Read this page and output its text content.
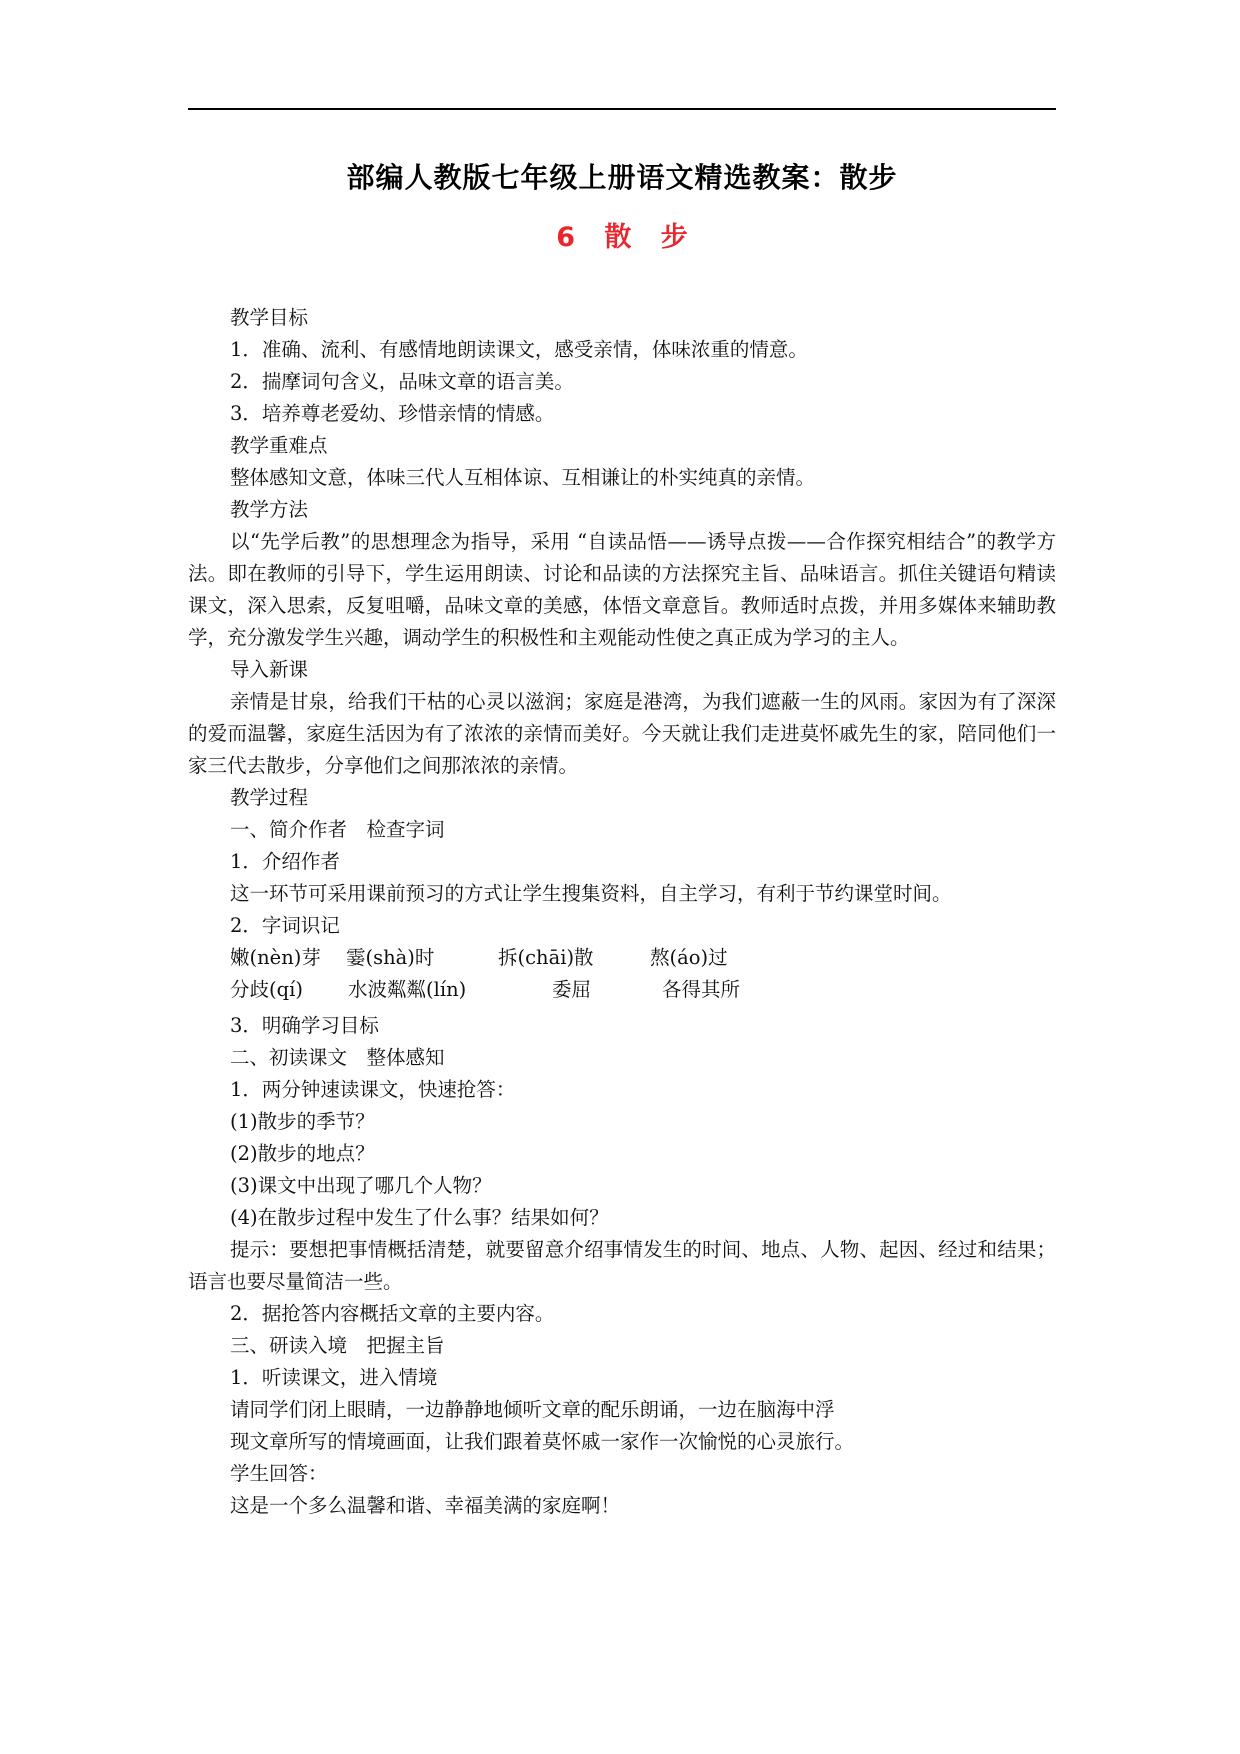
部编人教版七年级上册语文精选教案：散步
6 散 步

教学目标

1．准确、流利、有感情地朗读课文，感受亲情，体味浓重的情意。

2．揣摩词句含义，品味文章的语言美。

3．培养尊老爱幼、珍惜亲情的情感。

教学重难点

整体感知文意，体味三代人互相体谅、互相谦让的朴实纯真的亲情。

教学方法

以“先学后教”的思想理念为指导，采用 “自读品悟——诱导点拨——合作探究相结合”的教学方法。即在教师的引导下，学生运用朗读、讨论和品读的方法探究主旨、品味语言。抓住关键语句精读课文，深入思索，反复咀嚼，品味文章的美感，体悟文章意旨。教师适时点拨，并用多媒体来辅助教学，充分激发学生兴趣，调动学生的积极性和主观能动性使之真正成为学习的主人。

导入新课

亲情是甘泉，给我们干枯的心灵以滋润；家庭是港湾，为我们遮蔽一生的风雨。家因为有了深深的爱而温馨，家庭生活因为有了浓浓的亲情而美好。今天就让我们走进莫怀戚先生的家，陪同他们一家三代去散步，分享他们之间那浓浓的亲情。

教学过程

一、简介作者　检查字词

1．介绍作者

这一环节可采用课前预习的方式让学生搜集资料，自主学习，有利于节约课堂时间。

2．字词识记

嫩(nèn)芽 霎(shà)时	拆(chāi)散	熬(áo)过
分歧(qí) 水波粼粼(lín)	委屈	各得其所

3．明确学习目标

二、初读课文　整体感知

1．两分钟速读课文，快速抢答：

(1)散步的季节？

(2)散步的地点？

(3)课文中出现了哪几个人物？

(4)在散步过程中发生了什么事？结果如何？

提示：要想把事情概括清楚，就要留意介绍事情发生的时间、地点、人物、起因、经过和结果；语言也要尽量简洁一些。

2．据抢答内容概括文章的主要内容。

三、研读入境　把握主旨

1．听读课文，进入情境

请同学们闭上眼睛，一边静静地倾听文章的配乐朗诵，一边在脑海中浮

现文章所写的情境画面，让我们跟着莫怀戚一家作一次愉悦的心灵旅行。

学生回答：

这是一个多么温馨和谐、幸福美满的家庭啊！
